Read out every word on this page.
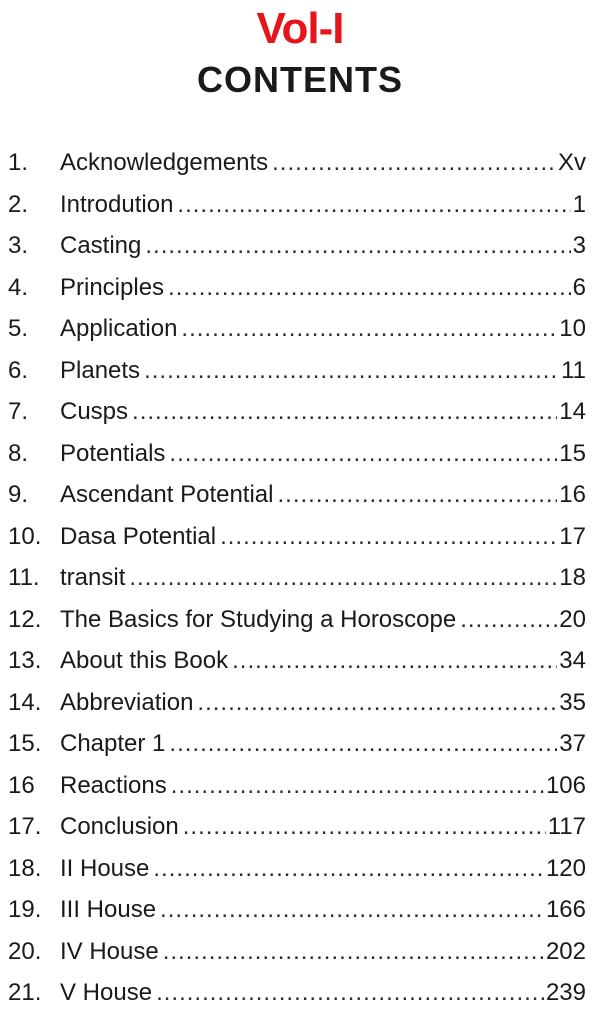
Vol-I
CONTENTS
1.	Acknowledgements .....	Xv
2.	Introdution .....	1
3.	Casting .....	3
4.	Principles .....	6
5.	Application .....	10
6.	Planets .....	11
7.	Cusps .....	14
8.	Potentials .....	15
9.	Ascendant Potential .....	16
10. Dasa Potential .....	17
11. transit .....	18
12. The Basics for Studying a Horoscope .....	20
13. About this Book .....	34
14. Abbreviation .....	35
15. Chapter 1 .....	37
16	Reactions .....	106
17. Conclusion .....	117
18. II House .....	120
19. III House .....	166
20. IV House .....	202
21. V House .....	239
